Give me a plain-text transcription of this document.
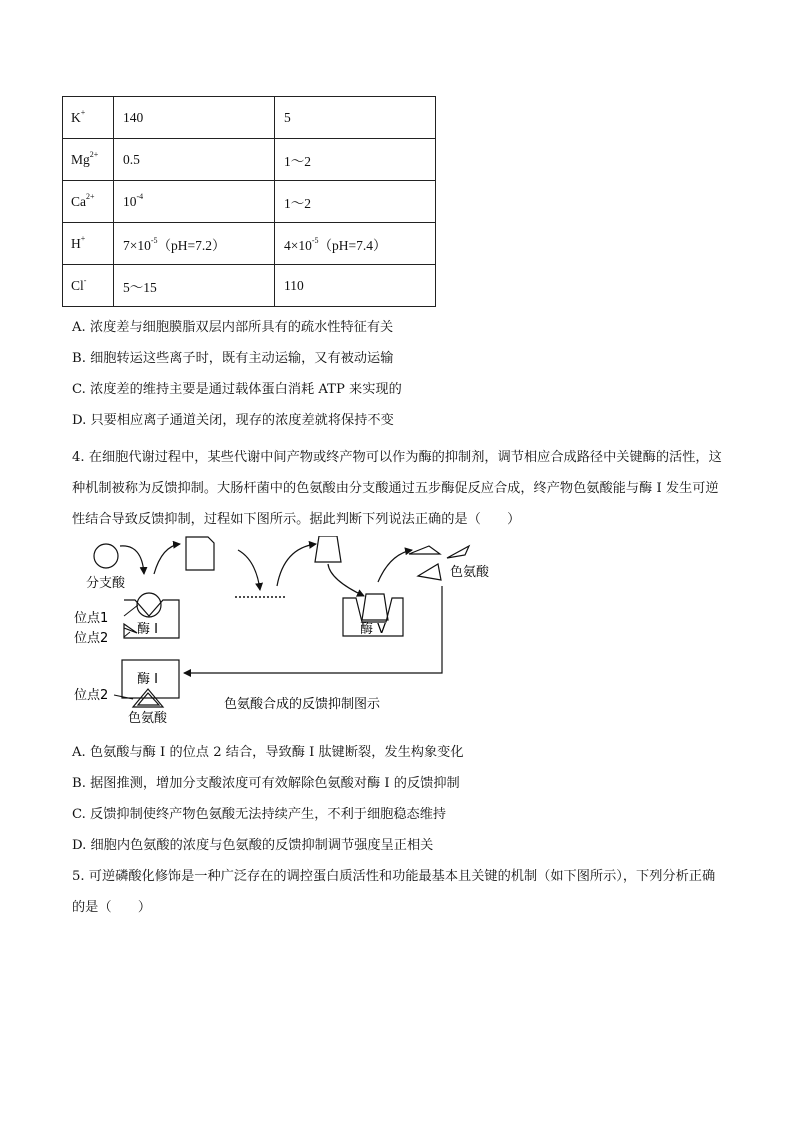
K+	140	5
$Mg^{2+}$	0.5	1～2
$Ca^{2+}$	$10^{-4}$	1～2
H+	$7\times 10^{-5}(pH=7.2)$	$4\times 10^{-5}(pH=7.4)$
Cl-	5～15	110
A. 浓度差与细胞膜脂双层内部所具有的疏水性特征有关
B. 细胞转运这些离子时，既有主动运输，又有被动运输
C. 浓度差的维持主要是通过载体蛋白消耗 ATP 来实现的
D. 只要相应离子通道关闭，现存的浓度差就将保持不变
4. 在细胞代谢过程中，某些代谢中间产物或终产物可以作为酶的抑制剂，调节相应合成路径中关键酶的活性，这种机制被称为反馈抑制。大肠杆菌中的色氨酸由分支酸通过五步酶促反应合成，终产物色氨酸能与酶 I 发生可逆性结合导致反馈抑制，过程如下图所示。据此判断下列说法正确的是（　　）
分支酸
酶 V
色氨酸
酶 I
位点1
位点2
酶 I
位点2
色氨酸
色氨酸合成的反馈抑制图示
A. 色氨酸与酶 I 的位点 2 结合，导致酶 I 肽键断裂，发生构象变化
B. 据图推测，增加分支酸浓度可有效解除色氨酸对酶 I 的反馈抑制
C. 反馈抑制使终产物色氨酸无法持续产生，不利于细胞稳态维持
D. 细胞内色氨酸的浓度与色氨酸的反馈抑制调节强度呈正相关
5. 可逆磷酸化修饰是一种广泛存在的调控蛋白质活性和功能最基本且关键的机制（如下图所示），下列分析正确的是（　　）
